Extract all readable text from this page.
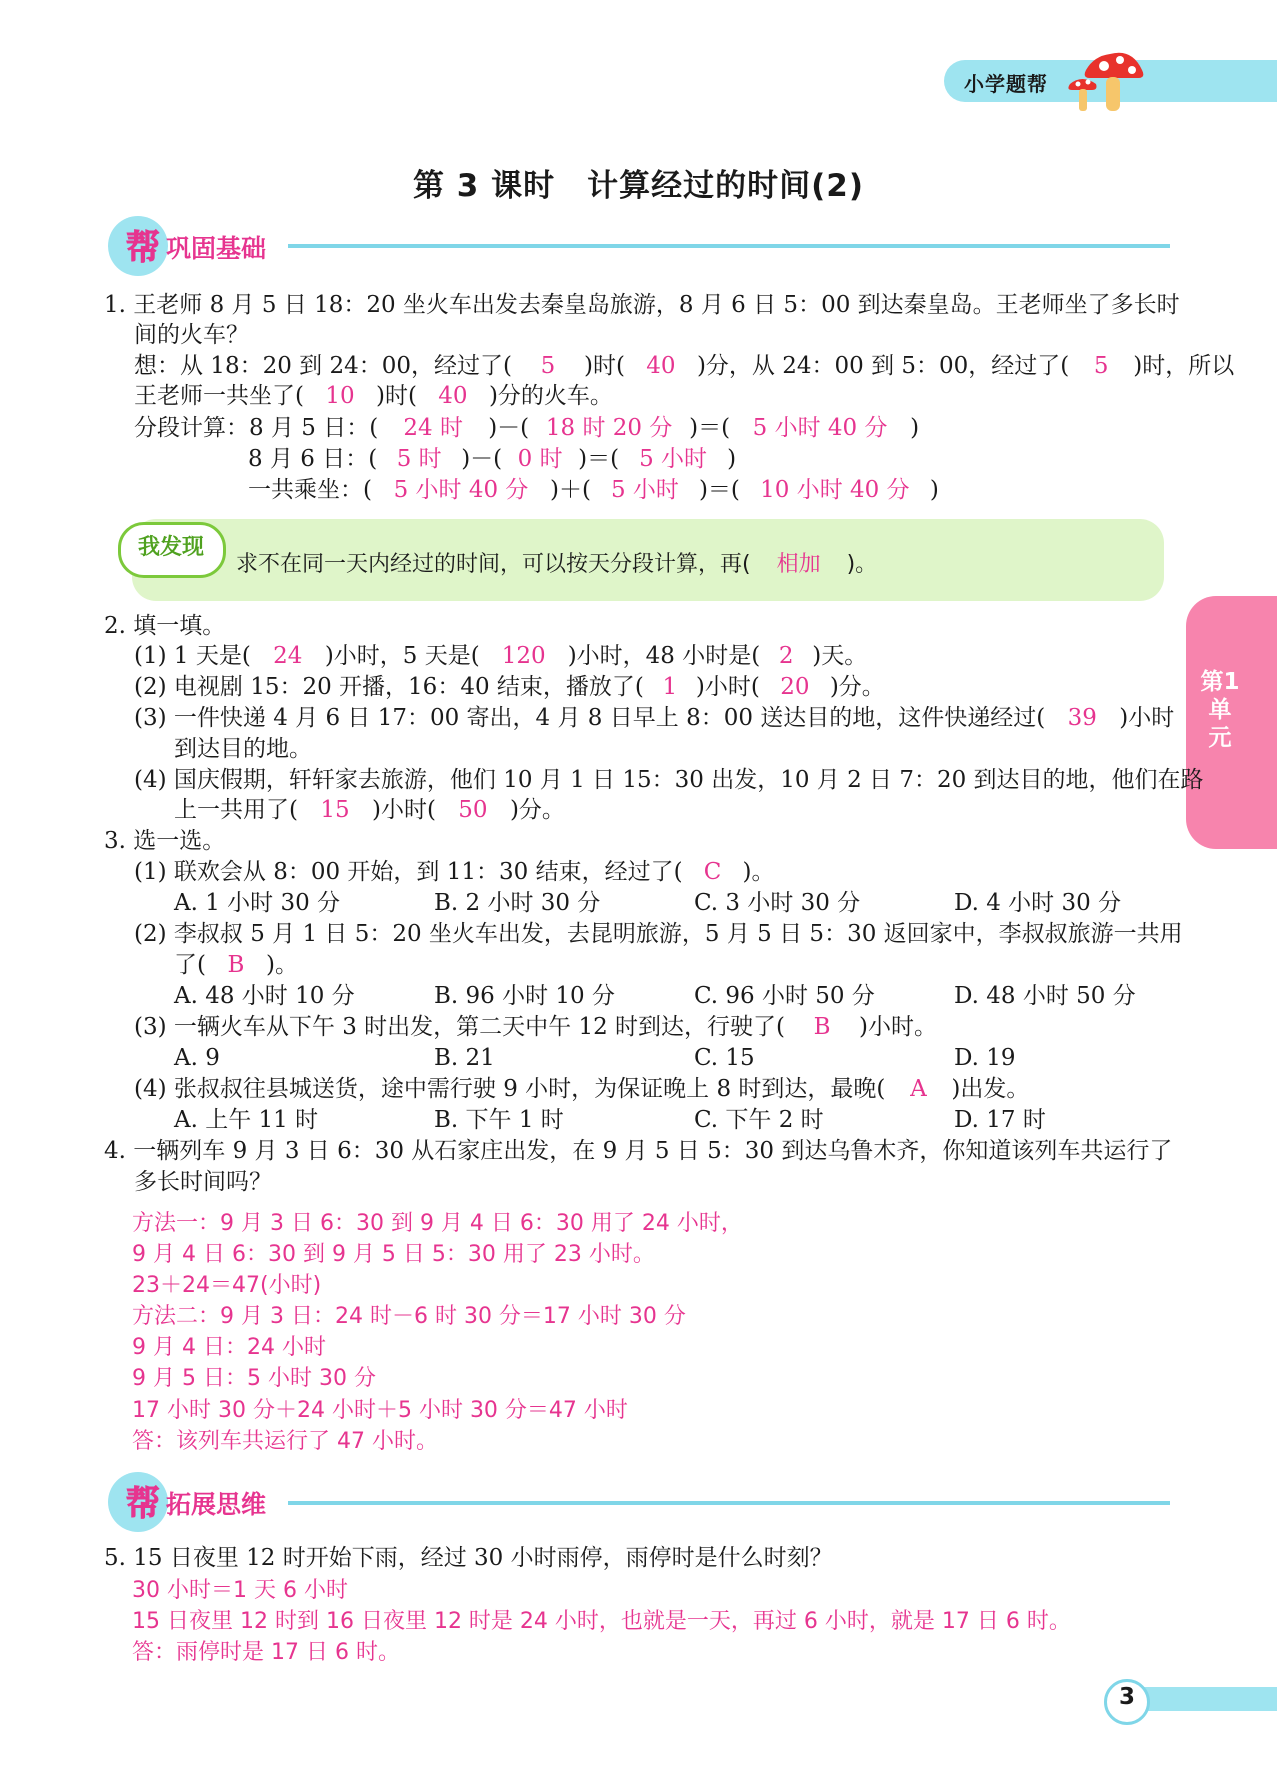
小学题帮
第 3 课时　计算经过的时间(2)
帮 巩固基础
1. 王老师 8 月 5 日 18：20 坐火车出发去秦皇岛旅游，8 月 6 日 5：00 到达秦皇岛。王老师坐了多长时
间的火车？
想：从 18：20 到 24：00，经过了( 5 )时( 40 )分，从 24：00 到 5：00，经过了( 5 )时，所以
王老师一共坐了( 10 )时( 40 )分的火车。
分段计算：8 月 5 日：( 24 时 )－( 18 时 20 分 )＝( 5 小时 40 分 )
8 月 6 日：( 5 时 )－( 0 时 )＝( 5 小时 )
一共乘坐：( 5 小时 40 分 )＋( 5 小时 )＝( 10 小时 40 分 )
我发现
求不在同一天内经过的时间，可以按天分段计算，再( 相加 )。
第1单元
2. 填一填。
(1) 1 天是( 24 )小时，5 天是( 120 )小时，48 小时是( 2 )天。
(2) 电视剧 15：20 开播，16：40 结束，播放了( 1 )小时( 20 )分。
(3) 一件快递 4 月 6 日 17：00 寄出，4 月 8 日早上 8：00 送达目的地，这件快递经过( 39 )小时
到达目的地。
(4) 国庆假期，轩轩家去旅游，他们 10 月 1 日 15：30 出发，10 月 2 日 7：20 到达目的地，他们在路
上一共用了( 15 )小时( 50 )分。
3. 选一选。
(1) 联欢会从 8：00 开始，到 11：30 结束，经过了( C )。
A. 1 小时 30 分	B. 2 小时 30 分	C. 3 小时 30 分	D. 4 小时 30 分
(2) 李叔叔 5 月 1 日 5：20 坐火车出发，去昆明旅游，5 月 5 日 5：30 返回家中，李叔叔旅游一共用
了( B )。
A. 48 小时 10 分	B. 96 小时 10 分	C. 96 小时 50 分	D. 48 小时 50 分
(3) 一辆火车从下午 3 时出发，第二天中午 12 时到达，行驶了( B )小时。
A. 9	B. 21	C. 15	D. 19
(4) 张叔叔往县城送货，途中需行驶 9 小时，为保证晚上 8 时到达，最晚( A )出发。
A. 上午 11 时	B. 下午 1 时	C. 下午 2 时	D. 17 时
4. 一辆列车 9 月 3 日 6：30 从石家庄出发，在 9 月 5 日 5：30 到达乌鲁木齐，你知道该列车共运行了
多长时间吗？
方法一：9 月 3 日 6：30 到 9 月 4 日 6：30 用了 24 小时，
9 月 4 日 6：30 到 9 月 5 日 5：30 用了 23 小时。
23＋24＝47(小时)
方法二：9 月 3 日：24 时－6 时 30 分＝17 小时 30 分
9 月 4 日：24 小时
9 月 5 日：5 小时 30 分
17 小时 30 分＋24 小时＋5 小时 30 分＝47 小时
答：该列车共运行了 47 小时。
帮 拓展思维
5. 15 日夜里 12 时开始下雨，经过 30 小时雨停，雨停时是什么时刻？
30 小时＝1 天 6 小时
15 日夜里 12 时到 16 日夜里 12 时是 24 小时，也就是一天，再过 6 小时，就是 17 日 6 时。
答：雨停时是 17 日 6 时。
3
